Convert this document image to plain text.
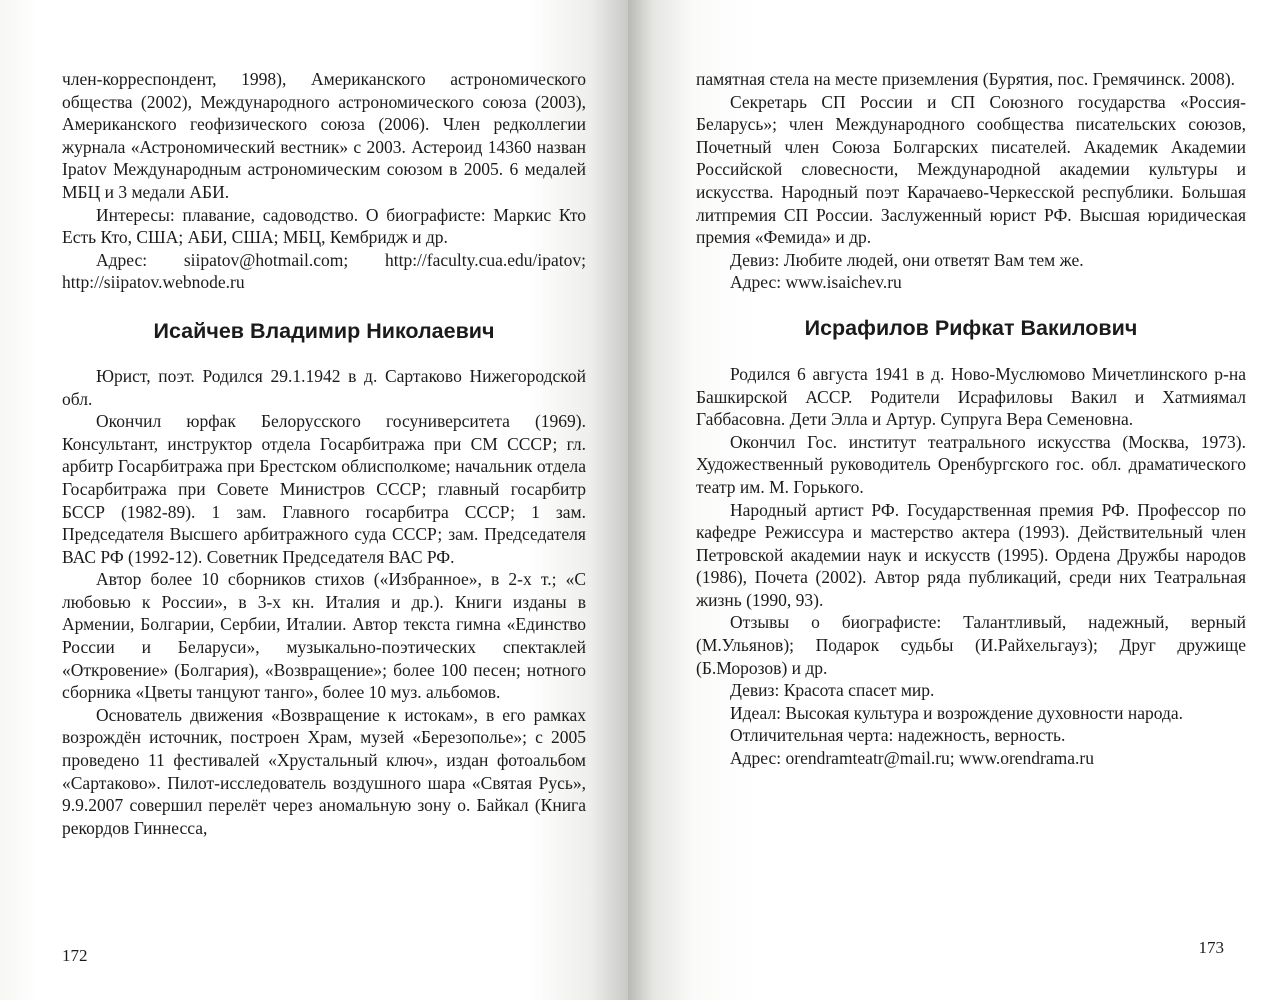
член-корреспондент, 1998), Американского астрономического общества (2002), Международного астрономического союза (2003), Американского геофизического союза (2006). Член редколлегии журнала «Астрономический вестник» с 2003. Астероид 14360 назван Ipatov Международным астрономическим союзом в 2005. 6 медалей МБЦ и 3 медали АБИ.

Интересы: плавание, садоводство. О биографисте: Маркис Кто Есть Кто, США; АБИ, США; МБЦ, Кембридж и др.

Адрес: siipatov@hotmail.com; http://faculty.cua.edu/ipatov; http://siipatov.webnode.ru

Исайчев Владимир Николаевич

Юрист, поэт. Родился 29.1.1942 в д. Сартаково Нижегородской обл.

Окончил юрфак Белорусского госуниверситета (1969). Консультант, инструктор отдела Госарбитража при СМ СССР; гл. арбитр Госарбитража при Брестском облисполкоме; начальник отдела Госарбитража при Совете Министров СССР; главный госарбитр БССР (1982-89). 1 зам. Главного госарбитра СССР; 1 зам. Председателя Высшего арбитражного суда СССР; зам. Председателя ВАС РФ (1992-12). Советник Председателя ВАС РФ.

Автор более 10 сборников стихов («Избранное», в 2-х т.; «С любовью к России», в 3-х кн. Италия и др.). Книги изданы в Армении, Болгарии, Сербии, Италии. Автор текста гимна «Единство России и Беларуси», музыкально-поэтических спектаклей «Откровение» (Болгария), «Возвращение»; более 100 песен; нотного сборника «Цветы танцуют танго», более 10 муз. альбомов.

Основатель движения «Возвращение к истокам», в его рамках возрождён источник, построен Храм, музей «Березополье»; с 2005 проведено 11 фестивалей «Хрустальный ключ», издан фотоальбом «Сартаково». Пилот-исследователь воздушного шара «Святая Русь», 9.9.2007 совершил перелёт через аномальную зону о. Байкал (Книга рекордов Гиннесса,

172

памятная стела на месте приземления (Бурятия, пос. Гремячинск. 2008).

Секретарь СП России и СП Союзного государства «Россия-Беларусь»; член Международного сообщества писательских союзов, Почетный член Союза Болгарских писателей. Академик Академии Российской словесности, Международной академии культуры и искусства. Народный поэт Карачаево-Черкесской республики. Большая литпремия СП России. Заслуженный юрист РФ. Высшая юридическая премия «Фемида» и др.

Девиз: Любите людей, они ответят Вам тем же.

Адрес: www.isaichev.ru

Исрафилов Рифкат Вакилович

Родился 6 августа 1941 в д. Ново-Муслюмово Мичетлинского р-на Башкирской АССР. Родители Исрафиловы Вакил и Хатмиямал Габбасовна. Дети Элла и Артур. Супруга Вера Семеновна.

Окончил Гос. институт театрального искусства (Москва, 1973). Художественный руководитель Оренбургского гос. обл. драматического театр им. М. Горького.

Народный артист РФ. Государственная премия РФ. Профессор по кафедре Режиссура и мастерство актера (1993). Действительный член Петровской академии наук и искусств (1995). Ордена Дружбы народов (1986), Почета (2002). Автор ряда публикаций, среди них Театральная жизнь (1990, 93).

Отзывы о биографисте: Талантливый, надежный, верный (М.Ульянов); Подарок судьбы (И.Райхельгауз); Друг дружище (Б.Морозов) и др.

Девиз: Красота спасет мир.

Идеал: Высокая культура и возрождение духовности народа.

Отличительная черта: надежность, верность.

Адрес: orendramteatr@mail.ru; www.orendrama.ru

173
